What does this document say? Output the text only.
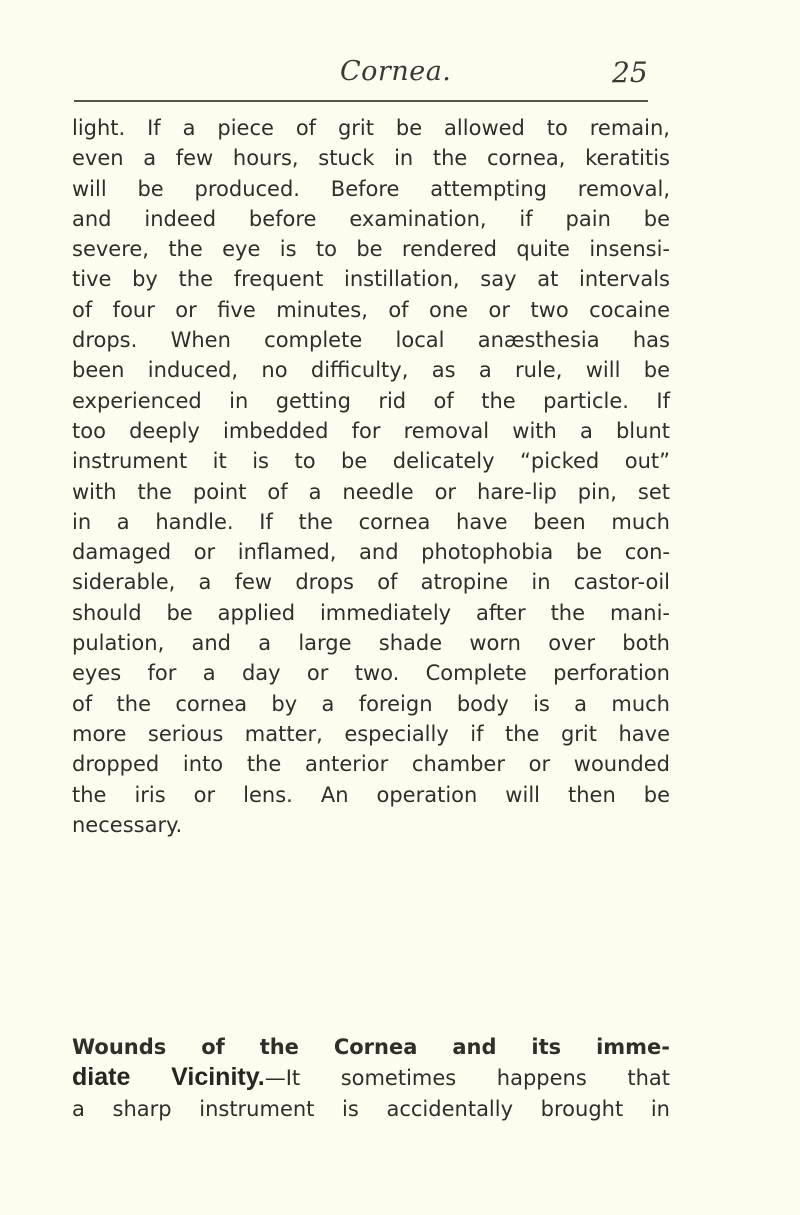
Cornea.	25
light. If a piece of grit be allowed to remain,
even a few hours, stuck in the cornea, keratitis
will be produced. Before attempting removal,
and indeed before examination, if pain be
severe, the eye is to be rendered quite insensi-
tive by the frequent instillation, say at intervals
of four or five minutes, of one or two cocaine
drops. When complete local anæsthesia has
been induced, no difficulty, as a rule, will be
experienced in getting rid of the particle. If
too deeply imbedded for removal with a blunt
instrument it is to be delicately “picked out”
with the point of a needle or hare-lip pin, set
in a handle. If the cornea have been much
damaged or inflamed, and photophobia be con-
siderable, a few drops of atropine in castor-oil
should be applied immediately after the mani-
pulation, and a large shade worn over both
eyes for a day or two. Complete perforation
of the cornea by a foreign body is a much
more serious matter, especially if the grit have
dropped into the anterior chamber or wounded
the iris or lens. An operation will then be
necessary.
Wounds of the Cornea and its imme-
diate Vicinity.—It sometimes happens that
a sharp instrument is accidentally brought in
